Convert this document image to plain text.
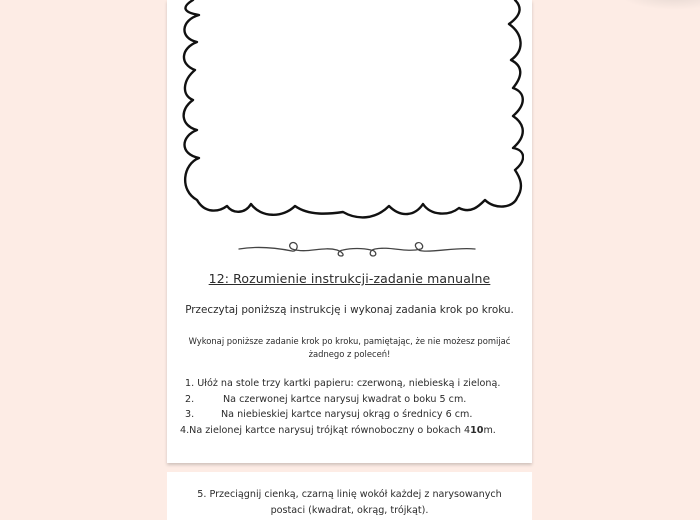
12: Rozumienie instrukcji-zadanie manualne
Przeczytaj poniższą instrukcję i wykonaj zadania krok po kroku.
Wykonaj poniższe zadanie krok po kroku, pamiętając, że nie możesz pomijać
żadnego z poleceń!
1.
Ułóż na stole trzy kartki papieru: czerwoną, niebieską i zieloną.
2.	Na czerwonej kartce narysuj kwadrat o boku 5 cm.
3.	Na niebieskiej kartce narysuj okrąg o średnicy 6 cm.
4. Na zielonej kartce narysuj trójkąt równoboczny o bokach 4 10 m.
5. Przeciągnij cienką, czarną linię wokół każdej z narysowanych
postaci (kwadrat, okrąg, trójkąt).
